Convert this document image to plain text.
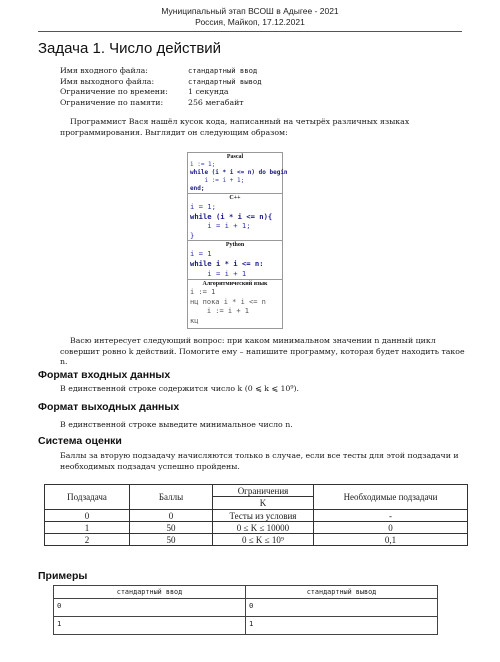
Муниципальный этап ВСОШ в Адыгее - 2021
Россия, Майкоп, 17.12.2021
Задача 1. Число действий
Имя входного файла:	стандартный ввод
Имя выходного файла:	стандартный вывод
Ограничение по времени:	1 секунда
Ограничение по памяти:	256 мегабайт
Программист Вася нашёл кусок кода, написанный на четырёх различных языках программирования. Выглядит он следующим образом:
Pascal
i := 1;
while (i * i <= n) do begin
i := i + 1;
end;
C++
i = 1;
while (i * i <= n){
i = i + 1;
}
Python
i = 1
while i * i <= n:
i = i + 1
Алгоритмический язык
i := 1
нц пока i * i <= n
i := i + 1
кц
Васю интересует следующий вопрос: при каком минимальном значении n данный цикл совершит ровно k действий. Помогите ему – напишите программу, которая будет находить такое n.
Формат входных данных
В единственной строке содержится число k (0 ⩽ k ⩽ 10⁹).
Формат выходных данных
В единственной строке выведите минимальное число n.
Система оценки
Баллы за вторую подзадачу начисляются только в случае, если все тесты для этой подзадачи и необходимых подзадач успешно пройдены.
Подзадача	Баллы	Ограничения	Необходимые подзадачи
		K	
0	0	Тесты из условия	-
1	50	0 ≤ K ≤ 10000	0
2	50	0 ≤ K ≤ 10⁹	0,1
Примеры
стандартный ввод	стандартный вывод
0	0
1	1
